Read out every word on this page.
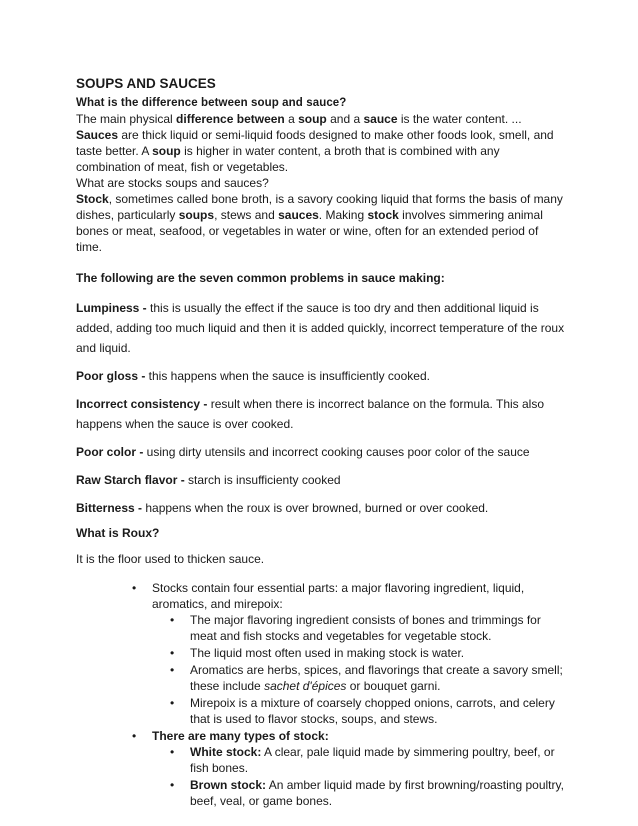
SOUPS AND SAUCES

What is the difference between soup and sauce?

The main physical difference between a soup and a sauce is the water content. ... Sauces are thick liquid or semi-liquid foods designed to make other foods look, smell, and taste better. A soup is higher in water content, a broth that is combined with any combination of meat, fish or vegetables.

What are stocks soups and sauces?

Stock, sometimes called bone broth, is a savory cooking liquid that forms the basis of many dishes, particularly soups, stews and sauces. Making stock involves simmering animal bones or meat, seafood, or vegetables in water or wine, often for an extended period of time.

The following are the seven common problems in sauce making:

Lumpiness - this is usually the effect if the sauce is too dry and then additional liquid is added, adding too much liquid and then it is added quickly, incorrect temperature of the roux and liquid.

Poor gloss - this happens when the sauce is insufficiently cooked.

Incorrect consistency - result when there is incorrect balance on the formula. This also happens when the sauce is over cooked.

Poor color - using dirty utensils and incorrect cooking causes poor color of the sauce

Raw Starch flavor - starch is insufficienty cooked

Bitterness - happens when the roux is over browned, burned or over cooked.

What is Roux?
It is the floor used to thicken sauce.
• Stocks contain four essential parts: a major flavoring ingredient, liquid, aromatics, and mirepoix:
• The major flavoring ingredient consists of bones and trimmings for meat and fish stocks and vegetables for vegetable stock.
• The liquid most often used in making stock is water.
• Aromatics are herbs, spices, and flavorings that create a savory smell; these include sachet d'épices or bouquet garni.
• Mirepoix is a mixture of coarsely chopped onions, carrots, and celery that is used to flavor stocks, soups, and stews.
• There are many types of stock:
• White stock: A clear, pale liquid made by simmering poultry, beef, or fish bones.
• Brown stock: An amber liquid made by first browning/roasting poultry, beef, veal, or game bones.
